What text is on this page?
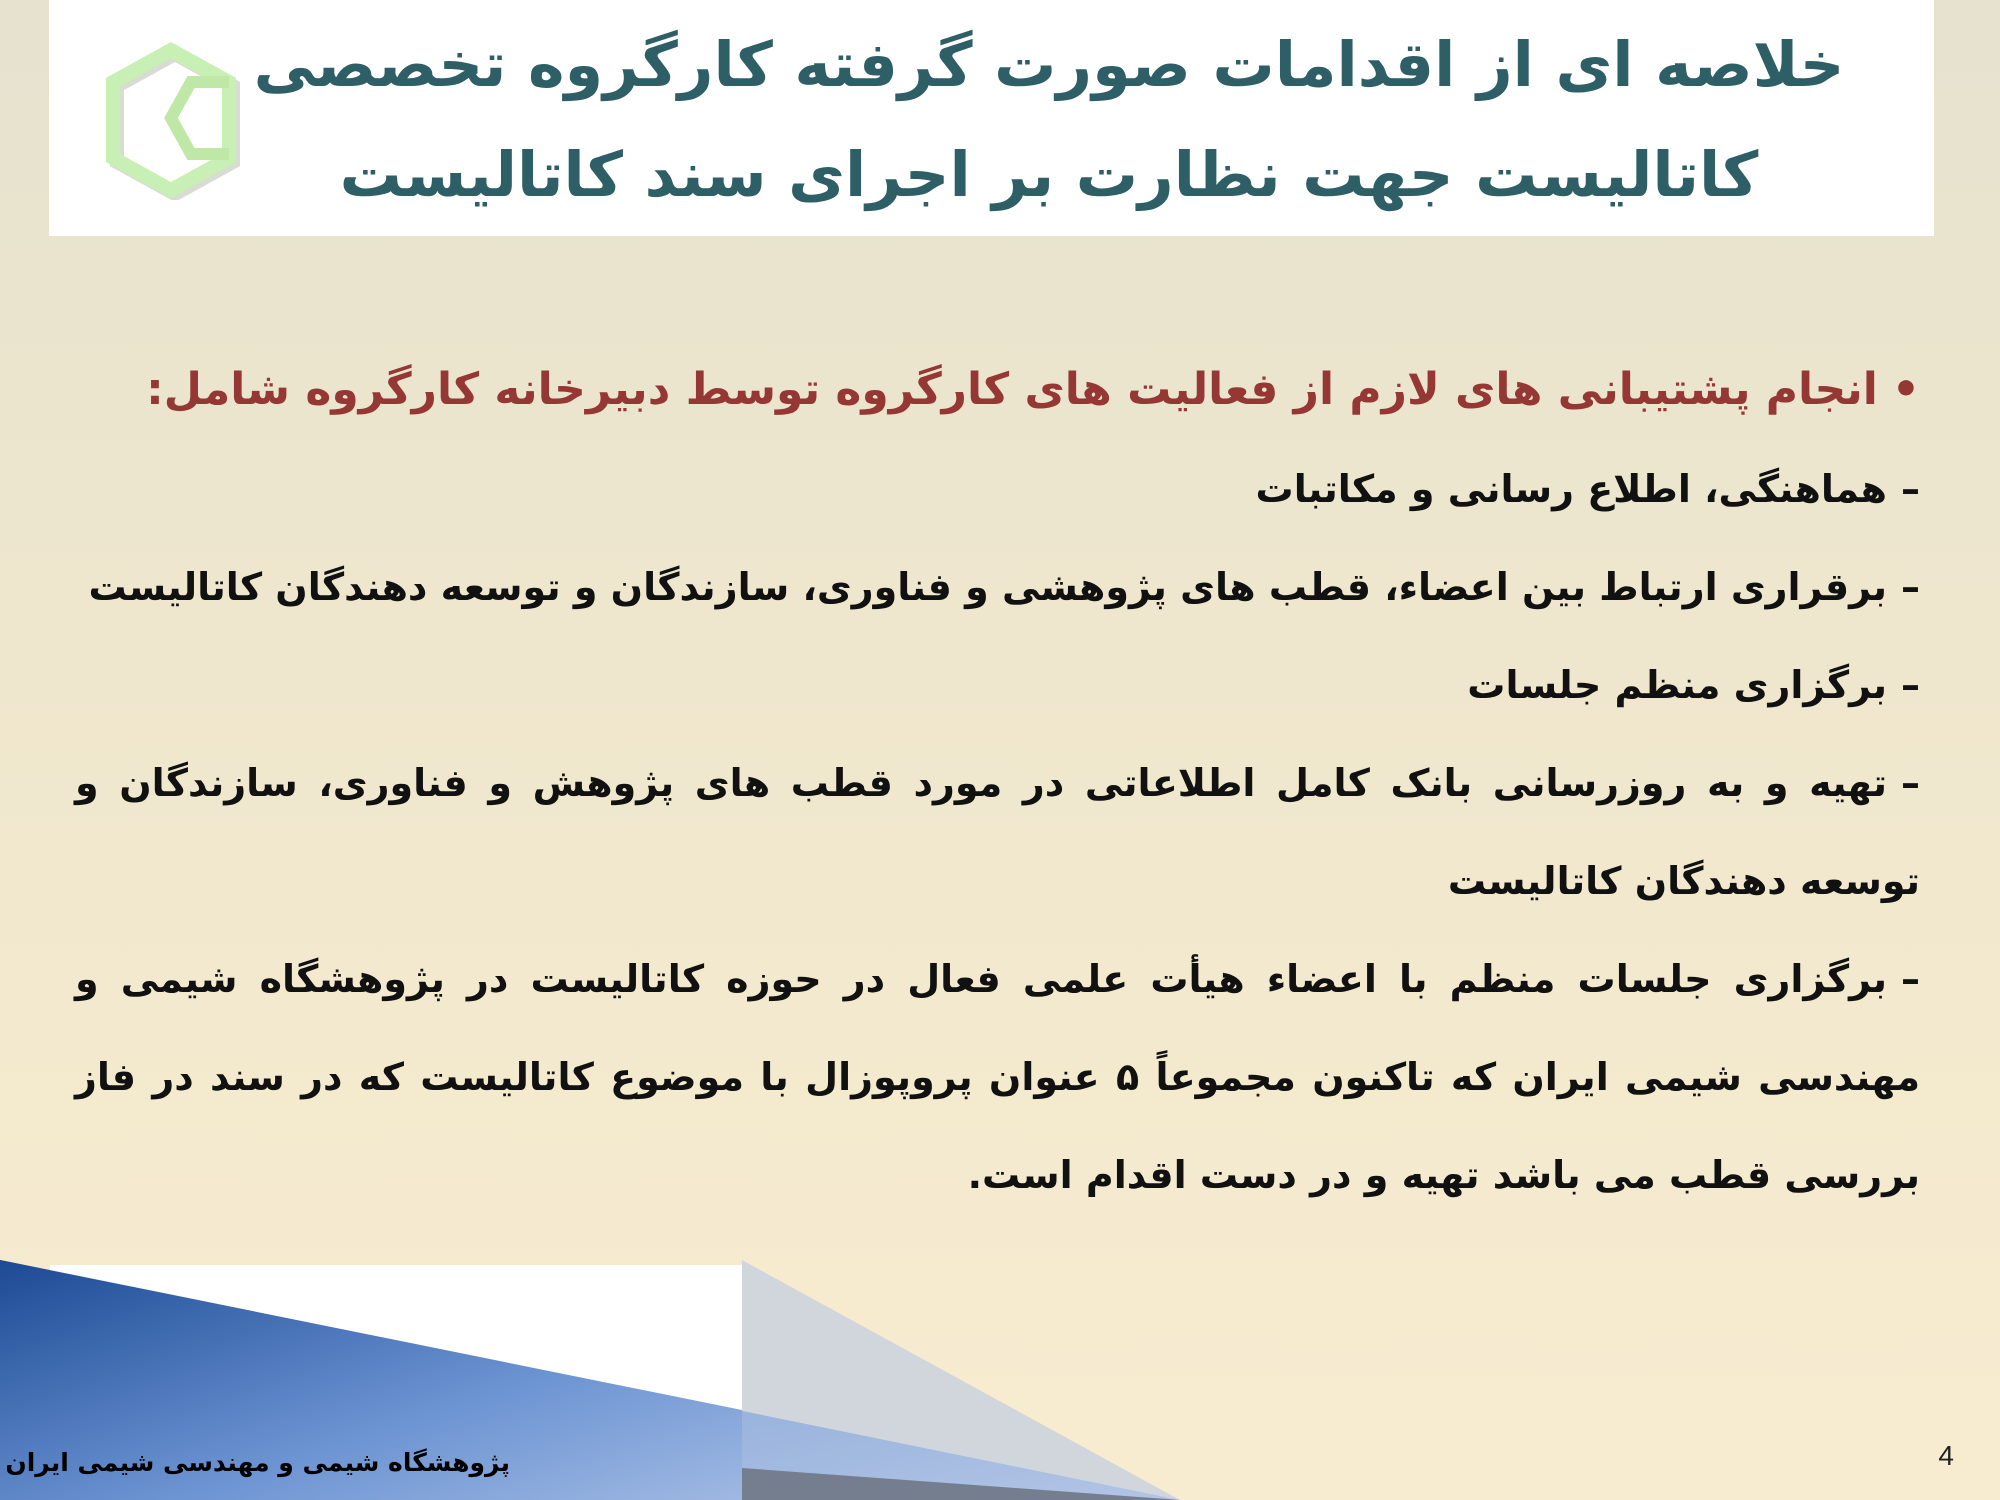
خلاصه ای از اقدامات صورت گرفته کارگروه تخصصی
کاتالیست جهت نظارت بر اجرای سند کاتالیست
•انجام پشتیبانی های لازم از فعالیت های کارگروه توسط دبیرخانه کارگروه شامل:
–هماهنگی، اطلاع رسانی و مکاتبات
–برقراری ارتباط بین اعضاء، قطب های پژوهشی و فناوری، سازندگان و توسعه دهندگان کاتالیست
–برگزاری منظم جلسات
–تهیه و به روزرسانی بانک کامل اطلاعاتی در مورد قطب های پژوهش و فناوری، سازندگان و توسعه دهندگان کاتالیست
–برگزاری جلسات منظم با اعضاء هیأت علمی فعال در حوزه کاتالیست در پژوهشگاه شیمی و مهندسی شیمی ایران که تاکنون مجموعاً ۵ عنوان پروپوزال با موضوع کاتالیست که در سند در فاز بررسی قطب می باشد تهیه و در دست اقدام است.
پژوهشگاه شیمی و مهندسی شیمی ایران	4
